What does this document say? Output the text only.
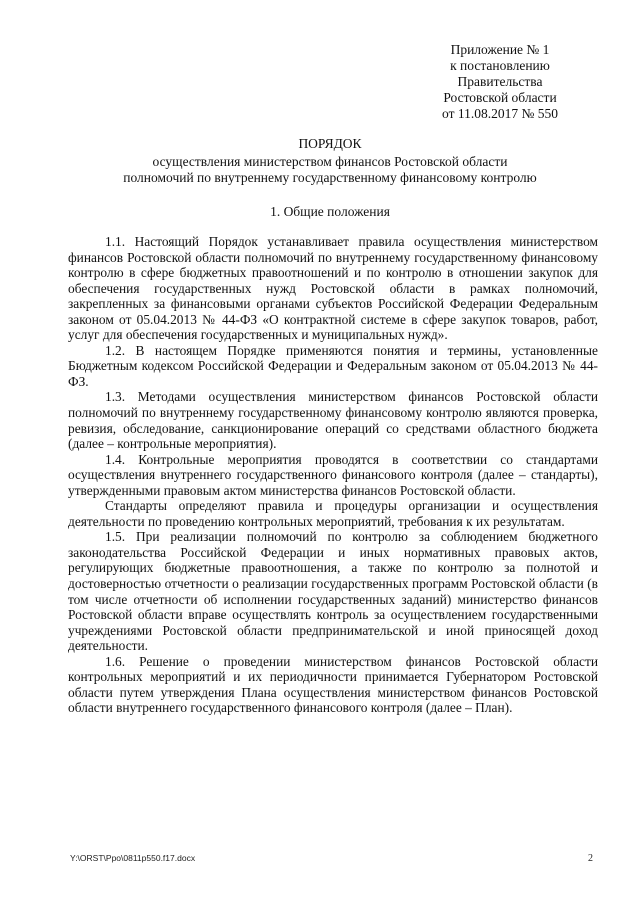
Приложение № 1
к постановлению
Правительства
Ростовской области
от 11.08.2017 № 550
ПОРЯДОК
осуществления министерством финансов Ростовской области
полномочий по внутреннему государственному финансовому контролю
1. Общие положения

1.1. Настоящий Порядок устанавливает правила осуществления министерством финансов Ростовской области полномочий по внутреннему государственному финансовому контролю в сфере бюджетных правоотношений и по контролю в отношении закупок для обеспечения государственных нужд Ростовской области в рамках полномочий, закрепленных за финансовыми органами субъектов Российской Федерации Федеральным законом от 05.04.2013 № 44-ФЗ «О контрактной системе в сфере закупок товаров, работ, услуг для обеспечения государственных и муниципальных нужд».

1.2. В настоящем Порядке применяются понятия и термины, установленные Бюджетным кодексом Российской Федерации и Федеральным законом от 05.04.2013 № 44-ФЗ.

1.3. Методами осуществления министерством финансов Ростовской области полномочий по внутреннему государственному финансовому контролю являются проверка, ревизия, обследование, санкционирование операций со средствами областного бюджета (далее – контрольные мероприятия).

1.4. Контрольные мероприятия проводятся в соответствии со стандартами осуществления внутреннего государственного финансового контроля (далее – стандарты), утвержденными правовым актом министерства финансов Ростовской области.

Стандарты определяют правила и процедуры организации и осуществления деятельности по проведению контрольных мероприятий, требования к их результатам.

1.5. При реализации полномочий по контролю за соблюдением бюджетного законодательства Российской Федерации и иных нормативных правовых актов, регулирующих бюджетные правоотношения, а также по контролю за полнотой и достоверностью отчетности о реализации государственных программ Ростовской области (в том числе отчетности об исполнении государственных заданий) министерство финансов Ростовской области вправе осуществлять контроль за осуществлением государственными учреждениями Ростовской области предпринимательской и иной приносящей доход деятельности.

1.6. Решение о проведении министерством финансов Ростовской области контрольных мероприятий и их периодичности принимается Губернатором Ростовской области путем утверждения Плана осуществления министерством финансов Ростовской области внутреннего государственного финансового контроля (далее – План).

Y:\ORST\Ppo\0811p550.f17.docx	2
